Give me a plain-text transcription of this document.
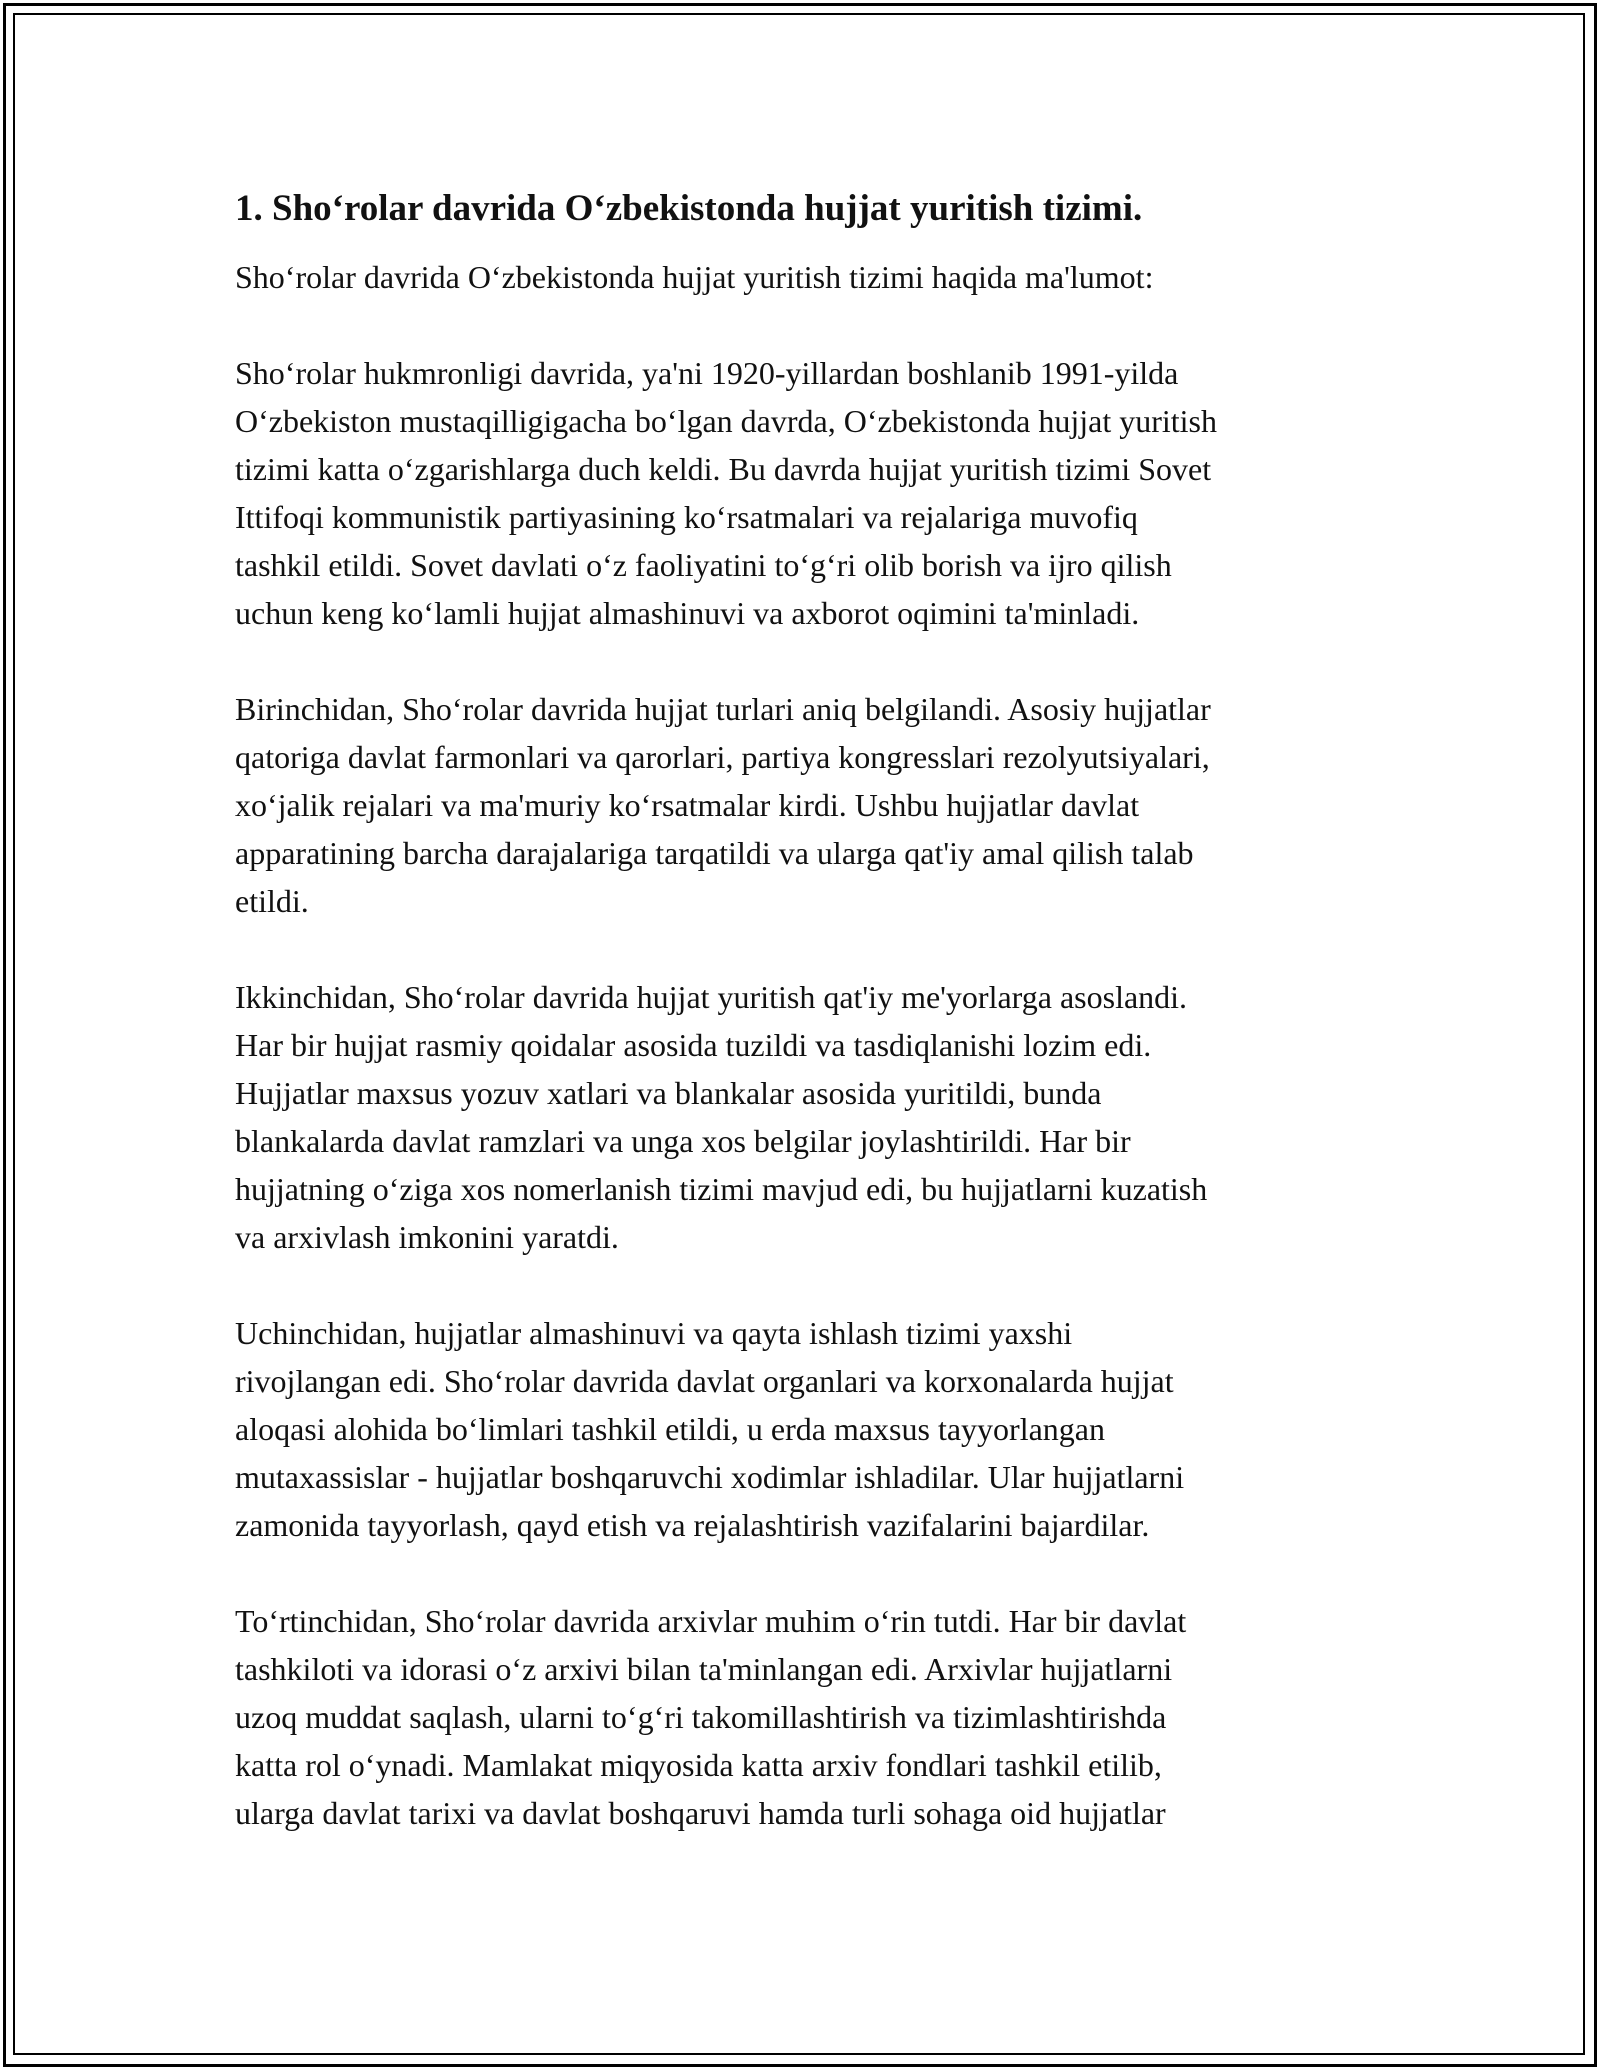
1. Sho‘rolar davrida O‘zbekistonda hujjat yuritish tizimi.

Sho‘rolar davrida O‘zbekistonda hujjat yuritish tizimi haqida ma'lumot:

Sho‘rolar hukmronligi davrida, ya'ni 1920-yillardan boshlanib 1991-yilda
O‘zbekiston mustaqilligigacha bo‘lgan davrda, O‘zbekistonda hujjat yuritish
tizimi katta o‘zgarishlarga duch keldi. Bu davrda hujjat yuritish tizimi Sovet
Ittifoqi kommunistik partiyasining ko‘rsatmalari va rejalariga muvofiq
tashkil etildi. Sovet davlati o‘z faoliyatini to‘g‘ri olib borish va ijro qilish
uchun keng ko‘lamli hujjat almashinuvi va axborot oqimini ta'minladi.

Birinchidan, Sho‘rolar davrida hujjat turlari aniq belgilandi. Asosiy hujjatlar
qatoriga davlat farmonlari va qarorlari, partiya kongresslari rezolyutsiyalari,
xo‘jalik rejalari va ma'muriy ko‘rsatmalar kirdi. Ushbu hujjatlar davlat
apparatining barcha darajalariga tarqatildi va ularga qat'iy amal qilish talab
etildi.

Ikkinchidan, Sho‘rolar davrida hujjat yuritish qat'iy me'yorlarga asoslandi.
Har bir hujjat rasmiy qoidalar asosida tuzildi va tasdiqlanishi lozim edi.
Hujjatlar maxsus yozuv xatlari va blankalar asosida yuritildi, bunda
blankalarda davlat ramzlari va unga xos belgilar joylashtirildi. Har bir
hujjatning o‘ziga xos nomerlanish tizimi mavjud edi, bu hujjatlarni kuzatish
va arxivlash imkonini yaratdi.

Uchinchidan, hujjatlar almashinuvi va qayta ishlash tizimi yaxshi
rivojlangan edi. Sho‘rolar davrida davlat organlari va korxonalarda hujjat
aloqasi alohida bo‘limlari tashkil etildi, u erda maxsus tayyorlangan
mutaxassislar - hujjatlar boshqaruvchi xodimlar ishladilar. Ular hujjatlarni
zamonida tayyorlash, qayd etish va rejalashtirish vazifalarini bajardilar.

To‘rtinchidan, Sho‘rolar davrida arxivlar muhim o‘rin tutdi. Har bir davlat
tashkiloti va idorasi o‘z arxivi bilan ta'minlangan edi. Arxivlar hujjatlarni
uzoq muddat saqlash, ularni to‘g‘ri takomillashtirish va tizimlashtirishda
katta rol o‘ynadi. Mamlakat miqyosida katta arxiv fondlari tashkil etilib,
ularga davlat tarixi va davlat boshqaruvi hamda turli sohaga oid hujjatlar
